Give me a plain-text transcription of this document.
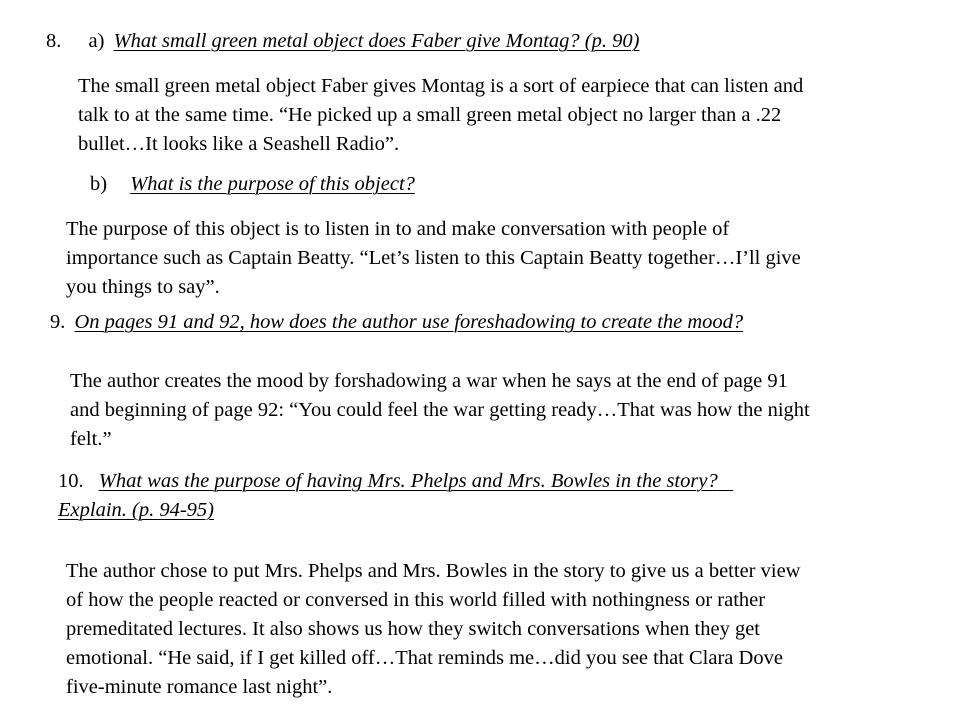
8. a) What small green metal object does Faber give Montag? (p. 90)
The small green metal object Faber gives Montag is a sort of earpiece that can listen and
talk to at the same time. “He picked up a small green metal object no larger than a .22
bullet…It looks like a Seashell Radio”.
b) What is the purpose of this object?
The purpose of this object is to listen in to and make conversation with people of
importance such as Captain Beatty. “Let’s listen to this Captain Beatty together…I’ll give
you things to say”.
9. On pages 91 and 92, how does the author use foreshadowing to create the mood?
The author creates the mood by forshadowing a war when he says at the end of page 91
and beginning of page 92: “You could feel the war getting ready…That was how the night
felt.”
10. What was the purpose of having Mrs. Phelps and Mrs. Bowles in the story?
Explain. (p. 94-95)
The author chose to put Mrs. Phelps and Mrs. Bowles in the story to give us a better view
of how the people reacted or conversed in this world filled with nothingness or rather
premeditated lectures. It also shows us how they switch conversations when they get
emotional. “He said, if I get killed off…That reminds me…did you see that Clara Dove
five-minute romance last night”.
